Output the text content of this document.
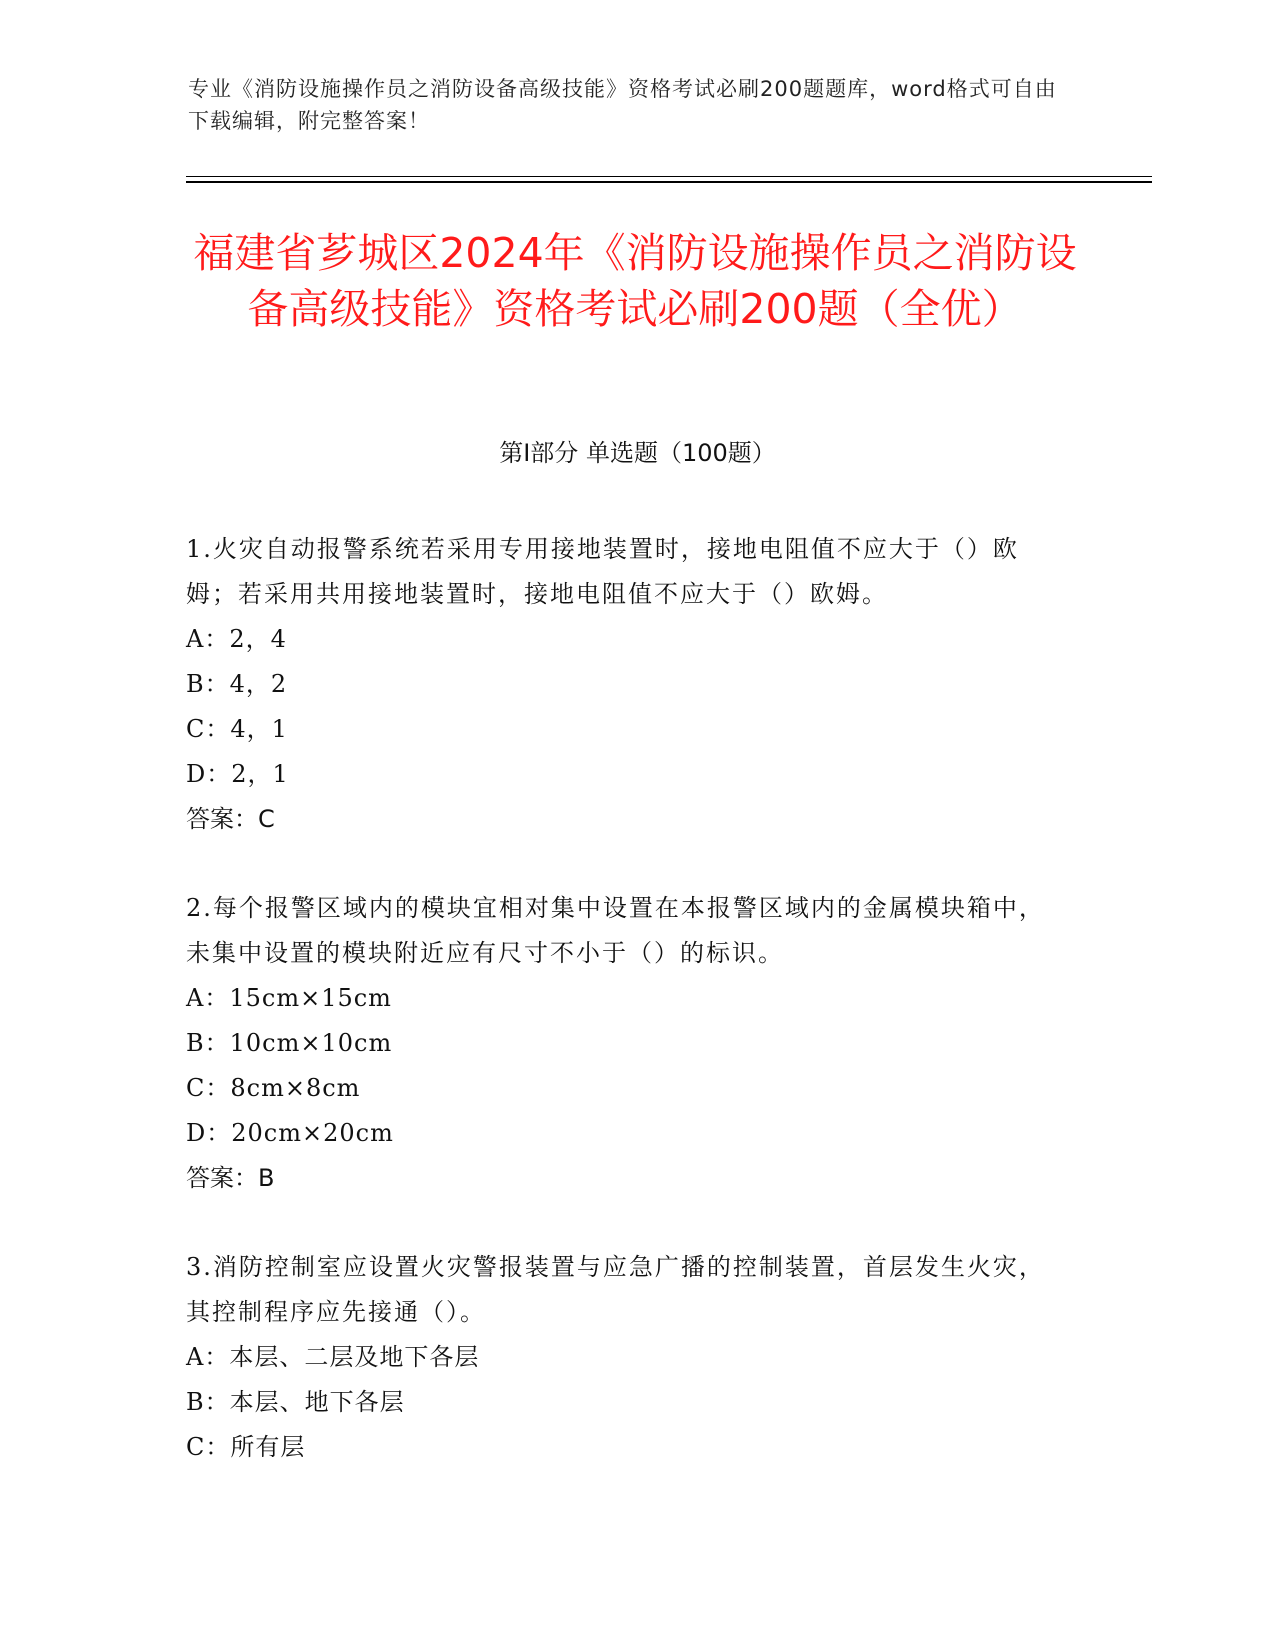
专业《消防设施操作员之消防设备高级技能》资格考试必刷200题题库，word格式可自由下载编辑，附完整答案！
福建省芗城区2024年《消防设施操作员之消防设备高级技能》资格考试必刷200题（全优）
第I部分 单选题（100题）
1.火灾自动报警系统若采用专用接地装置时，接地电阻值不应大于（）欧姆；若采用共用接地装置时，接地电阻值不应大于（）欧姆。
A：2，4
B：4，2
C：4，1
D：2，1
答案：C
2.每个报警区域内的模块宜相对集中设置在本报警区域内的金属模块箱中，未集中设置的模块附近应有尺寸不小于（）的标识。
A：15cm×15cm
B：10cm×10cm
C：8cm×8cm
D：20cm×20cm
答案：B
3.消防控制室应设置火灾警报装置与应急广播的控制装置，首层发生火灾，其控制程序应先接通（）。
A：本层、二层及地下各层
B：本层、地下各层
C：所有层
